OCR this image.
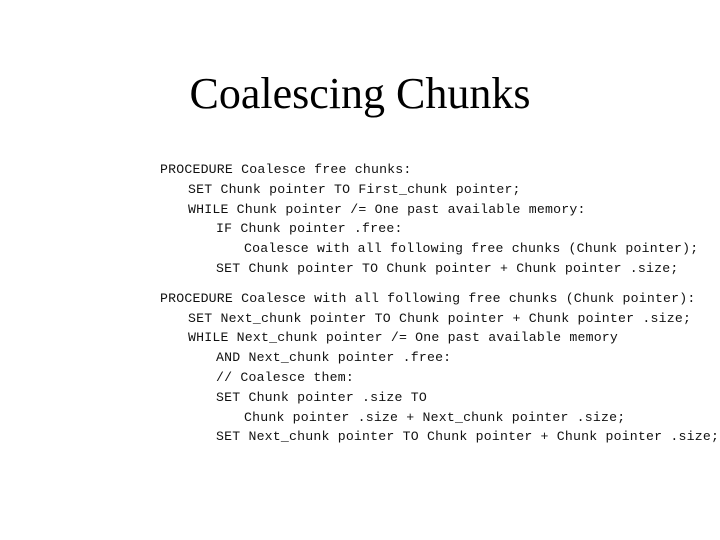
Coalescing Chunks
PROCEDURE Coalesce free chunks:
SET Chunk pointer TO First_chunk pointer;
WHILE Chunk pointer /= One past available memory:
IF Chunk pointer .free:
Coalesce with all following free chunks (Chunk pointer);
SET Chunk pointer TO Chunk pointer + Chunk pointer .size;
PROCEDURE Coalesce with all following free chunks (Chunk pointer):
SET Next_chunk pointer TO Chunk pointer + Chunk pointer .size;
WHILE Next_chunk pointer /= One past available memory
AND Next_chunk pointer .free:
// Coalesce them:
SET Chunk pointer .size TO
Chunk pointer .size + Next_chunk pointer .size;
SET Next_chunk pointer TO Chunk pointer + Chunk pointer .size;
